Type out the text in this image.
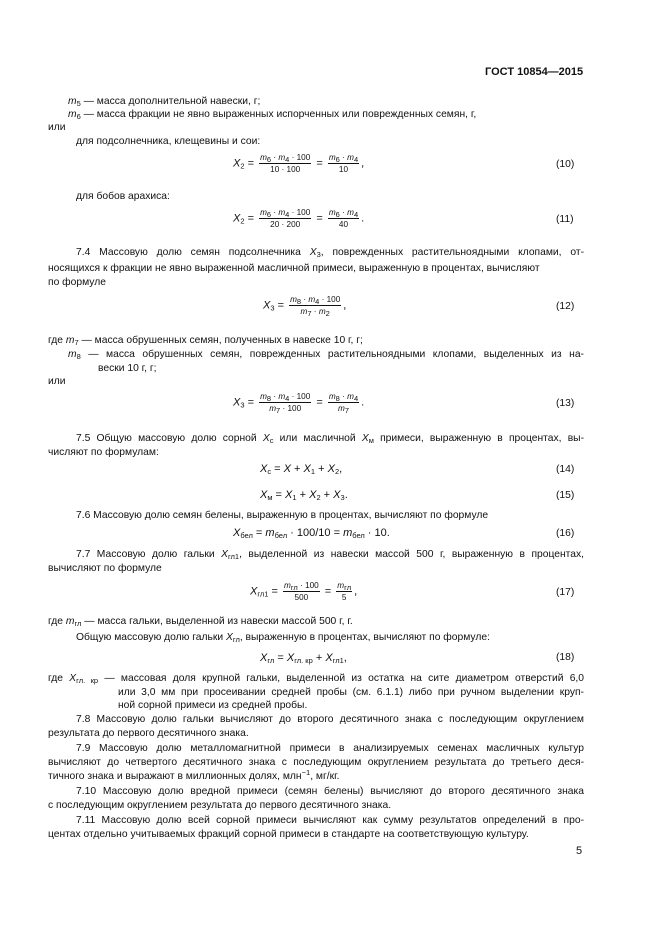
ГОСТ 10854—2015
$m_5$ — масса дополнительной навески, г;
$m_6$ — масса фракции не явно выраженных испорченных или поврежденных семян, г,
или
для подсолнечника, клещевины и сои:
$X_2 = \frac{m_6 \cdot m_4 \cdot 100}{10 \cdot 100} = \frac{m_6 \cdot m_4}{10}$ ,	(10)
для бобов арахиса:
$X_2 = \frac{m_6 \cdot m_4 \cdot 100}{20 \cdot 200} = \frac{m_6 \cdot m_4}{40}$ .	(11)
7.4 Массовую долю семян подсолнечника $X_3$, поврежденных растительноядными клопами, от-
носящихся к фракции не явно выраженной масличной примеси, выраженную в процентах, вычисляют
по формуле
$X_3 = \frac{m_8 \cdot m_4 \cdot 100}{m_7 \cdot m_2}$ ,	(12)
где $m_7$ — масса обрушенных семян, полученных в навеске 10 г, г;
$m_8$ — масса обрушенных семян, поврежденных растительноядными клопами, выделенных из на-
вески 10 г, г;
или
$X_3 = \frac{m_8 \cdot m_4 \cdot 100}{m_7 \cdot 100} = \frac{m_8 \cdot m_4}{m_7}$ .	(13)
7.5 Общую массовую долю сорной $X_с$ или масличной $X_м$ примеси, выраженную в процентах, вы-
числяют по формулам:
$X_с = X + X_1 + X_2$,	(14)
$X_м = X_1 + X_2 + X_3$.	(15)
7.6 Массовую долю семян белены, выраженную в процентах, вычисляют по формуле
$X_{бел} = m_{бел} \cdot 100/10 = m_{бел} \cdot 10$.	(16)
7.7 Массовую долю гальки $X_{гл1}$, выделенной из навески массой 500 г, выраженную в процентах,
вычисляют по формуле
$X_{гл1} = \frac{m_{гл} \cdot 100}{500} = \frac{m_{гл}}{5}$ ,	(17)
где $m_{гл}$ — масса гальки, выделенной из навески массой 500 г, г.
Общую массовую долю гальки $X_{гл}$, выраженную в процентах, вычисляют по формуле:
$X_{гл} = X_{гл. кр} + X_{гл1}$,	(18)
где $X_{гл. кр}$ — массовая доля крупной гальки, выделенной из остатка на сите диаметром отверстий 6,0
или 3,0 мм при просеивании средней пробы (см. 6.1.1) либо при ручном выделении круп-
ной сорной примеси из средней пробы.
7.8 Массовую долю гальки вычисляют до второго десятичного знака с последующим округлением
результата до первого десятичного знака.
7.9 Массовую долю металломагнитной примеси в анализируемых семенах масличных культур
вычисляют до четвертого десятичного знака с последующим округлением результата до третьего деся-
тичного знака и выражают в миллионных долях, млн$^{-1}$, мг/кг.
7.10 Массовую долю вредной примеси (семян белены) вычисляют до второго десятичного знака
с последующим округлением результата до первого десятичного знака.
7.11 Массовую долю всей сорной примеси вычисляют как сумму результатов определений в про-
центах отдельно учитываемых фракций сорной примеси в стандарте на соответствующую культуру.
5
